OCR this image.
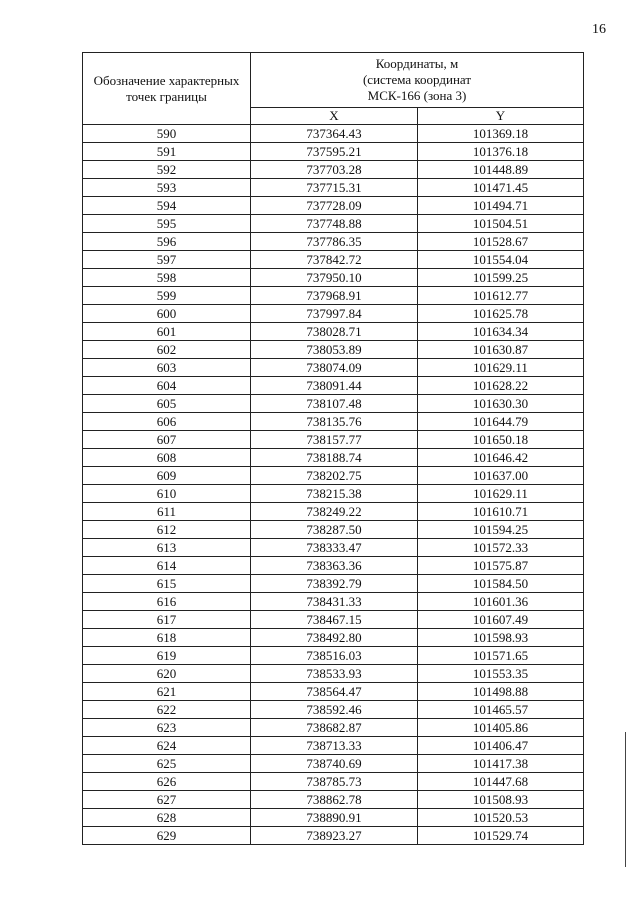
16
Обозначение характерных точек границы	Координаты, м
(система координат
МСК-166 (зона 3)	

	X	Y
590	737364.43	101369.18
591	737595.21	101376.18
592	737703.28	101448.89
593	737715.31	101471.45
594	737728.09	101494.71
595	737748.88	101504.51
596	737786.35	101528.67
597	737842.72	101554.04
598	737950.10	101599.25
599	737968.91	101612.77
600	737997.84	101625.78
601	738028.71	101634.34
602	738053.89	101630.87
603	738074.09	101629.11
604	738091.44	101628.22
605	738107.48	101630.30
606	738135.76	101644.79
607	738157.77	101650.18
608	738188.74	101646.42
609	738202.75	101637.00
610	738215.38	101629.11
611	738249.22	101610.71
612	738287.50	101594.25
613	738333.47	101572.33
614	738363.36	101575.87
615	738392.79	101584.50
616	738431.33	101601.36
617	738467.15	101607.49
618	738492.80	101598.93
619	738516.03	101571.65
620	738533.93	101553.35
621	738564.47	101498.88
622	738592.46	101465.57
623	738682.87	101405.86
624	738713.33	101406.47
625	738740.69	101417.38
626	738785.73	101447.68
627	738862.78	101508.93
628	738890.91	101520.53
629	738923.27	101529.74
